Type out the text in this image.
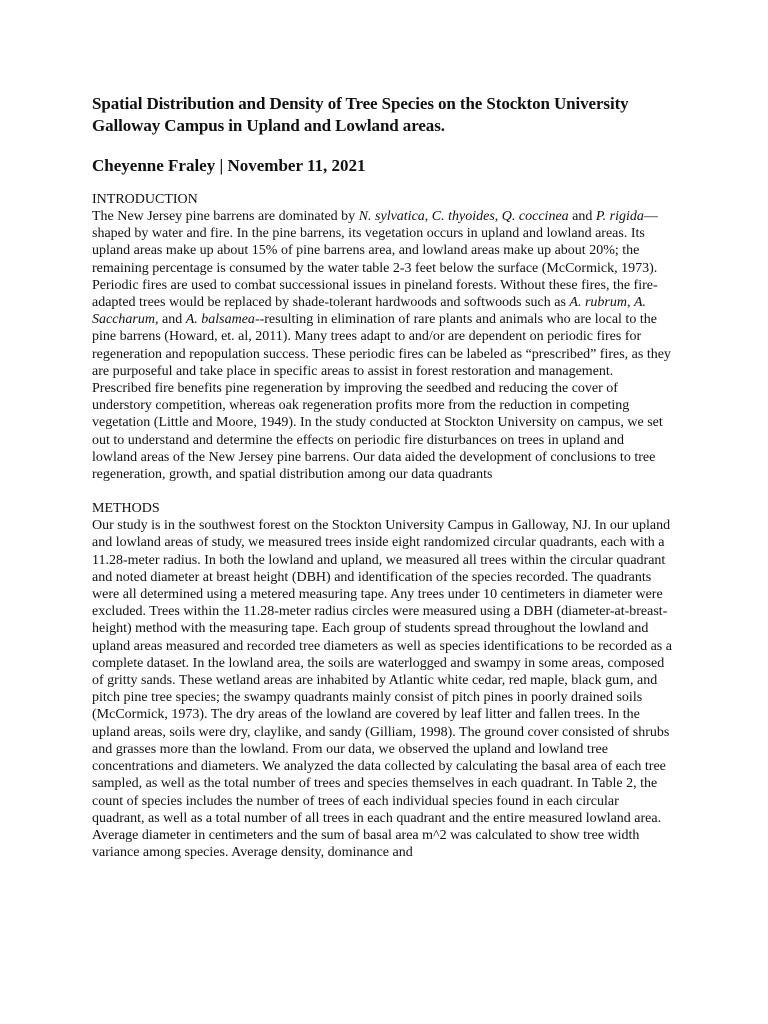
Spatial Distribution and Density of Tree Species on the Stockton University Galloway Campus in Upland and Lowland areas.
Cheyenne Fraley | November 11, 2021
INTRODUCTION

The New Jersey pine barrens are dominated by N. sylvatica, C. thyoides, Q. coccinea and P. rigida—shaped by water and fire. In the pine barrens, its vegetation occurs in upland and lowland areas. Its upland areas make up about 15% of pine barrens area, and lowland areas make up about 20%; the remaining percentage is consumed by the water table 2-3 feet below the surface (McCormick, 1973). Periodic fires are used to combat successional issues in pineland forests. Without these fires, the fire-adapted trees would be replaced by shade-tolerant hardwoods and softwoods such as A. rubrum, A. Saccharum, and A. balsamea--resulting in elimination of rare plants and animals who are local to the pine barrens (Howard, et. al, 2011). Many trees adapt to and/or are dependent on periodic fires for regeneration and repopulation success. These periodic fires can be labeled as “prescribed” fires, as they are purposeful and take place in specific areas to assist in forest restoration and management. Prescribed fire benefits pine regeneration by improving the seedbed and reducing the cover of understory competition, whereas oak regeneration profits more from the reduction in competing vegetation (Little and Moore, 1949). In the study conducted at Stockton University on campus, we set out to understand and determine the effects on periodic fire disturbances on trees in upland and lowland areas of the New Jersey pine barrens. Our data aided the development of conclusions to tree regeneration, growth, and spatial distribution among our data quadrants

METHODS

Our study is in the southwest forest on the Stockton University Campus in Galloway, NJ. In our upland and lowland areas of study, we measured trees inside eight randomized circular quadrants, each with a 11.28-meter radius. In both the lowland and upland, we measured all trees within the circular quadrant and noted diameter at breast height (DBH) and identification of the species recorded. The quadrants were all determined using a metered measuring tape. Any trees under 10 centimeters in diameter were excluded. Trees within the 11.28-meter radius circles were measured using a DBH (diameter-at-breast-height) method with the measuring tape. Each group of students spread throughout the lowland and upland areas measured and recorded tree diameters as well as species identifications to be recorded as a complete dataset. In the lowland area, the soils are waterlogged and swampy in some areas, composed of gritty sands. These wetland areas are inhabited by Atlantic white cedar, red maple, black gum, and pitch pine tree species; the swampy quadrants mainly consist of pitch pines in poorly drained soils (McCormick, 1973). The dry areas of the lowland are covered by leaf litter and fallen trees. In the upland areas, soils were dry, claylike, and sandy (Gilliam, 1998). The ground cover consisted of shrubs and grasses more than the lowland. From our data, we observed the upland and lowland tree concentrations and diameters. We analyzed the data collected by calculating the basal area of each tree sampled, as well as the total number of trees and species themselves in each quadrant. In Table 2, the count of species includes the number of trees of each individual species found in each circular quadrant, as well as a total number of all trees in each quadrant and the entire measured lowland area. Average diameter in centimeters and the sum of basal area m^2 was calculated to show tree width variance among species. Average density, dominance and
